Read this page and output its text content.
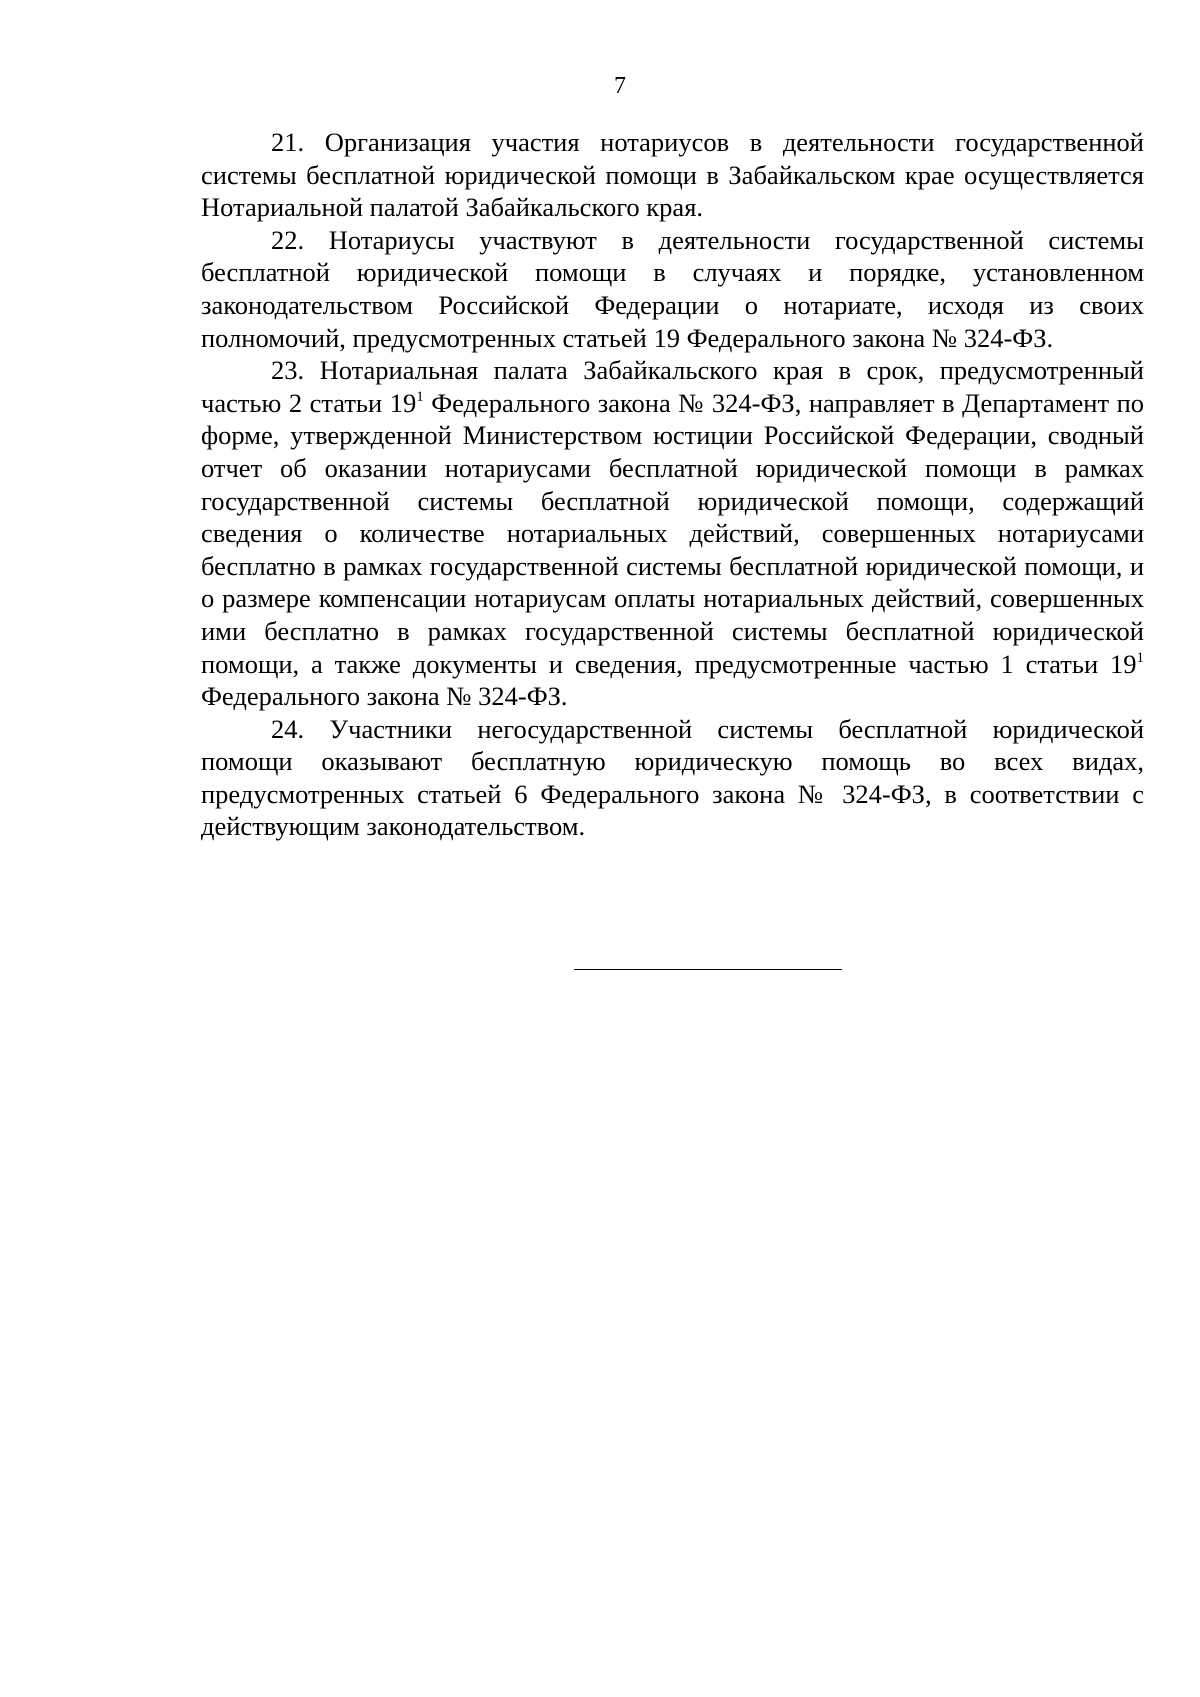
7

21. Организация участия нотариусов в деятельности государственной системы бесплатной юридической помощи в Забайкальском крае осуществляется Нотариальной палатой Забайкальского края.

22. Нотариусы участвуют в деятельности государственной системы бесплатной юридической помощи в случаях и порядке, установленном законодательством Российской Федерации о нотариате, исходя из своих полномочий, предусмотренных статьей 19 Федерального закона № 324-ФЗ.

23. Нотариальная палата Забайкальского края в срок, предусмотренный частью 2 статьи $19^1$ Федерального закона № 324-ФЗ, направляет в Департамент по форме, утвержденной Министерством юстиции Российской Федерации, сводный отчет об оказании нотариусами бесплатной юридической помощи в рамках государственной системы бесплатной юридической помощи, содержащий сведения о количестве нотариальных действий, совершенных нотариусами бесплатно в рамках государственной системы бесплатной юридической помощи, и о размере компенсации нотариусам оплаты нотариальных действий, совершенных ими бесплатно в рамках государственной системы бесплатной юридической помощи, а также документы и сведения, предусмотренные частью 1 статьи $19^1$ Федерального закона № 324-ФЗ.

24. Участники негосударственной системы бесплатной юридической помощи оказывают бесплатную юридическую помощь во всех видах, предусмотренных статьей 6 Федерального закона № 324-ФЗ, в соответствии с действующим законодательством.
